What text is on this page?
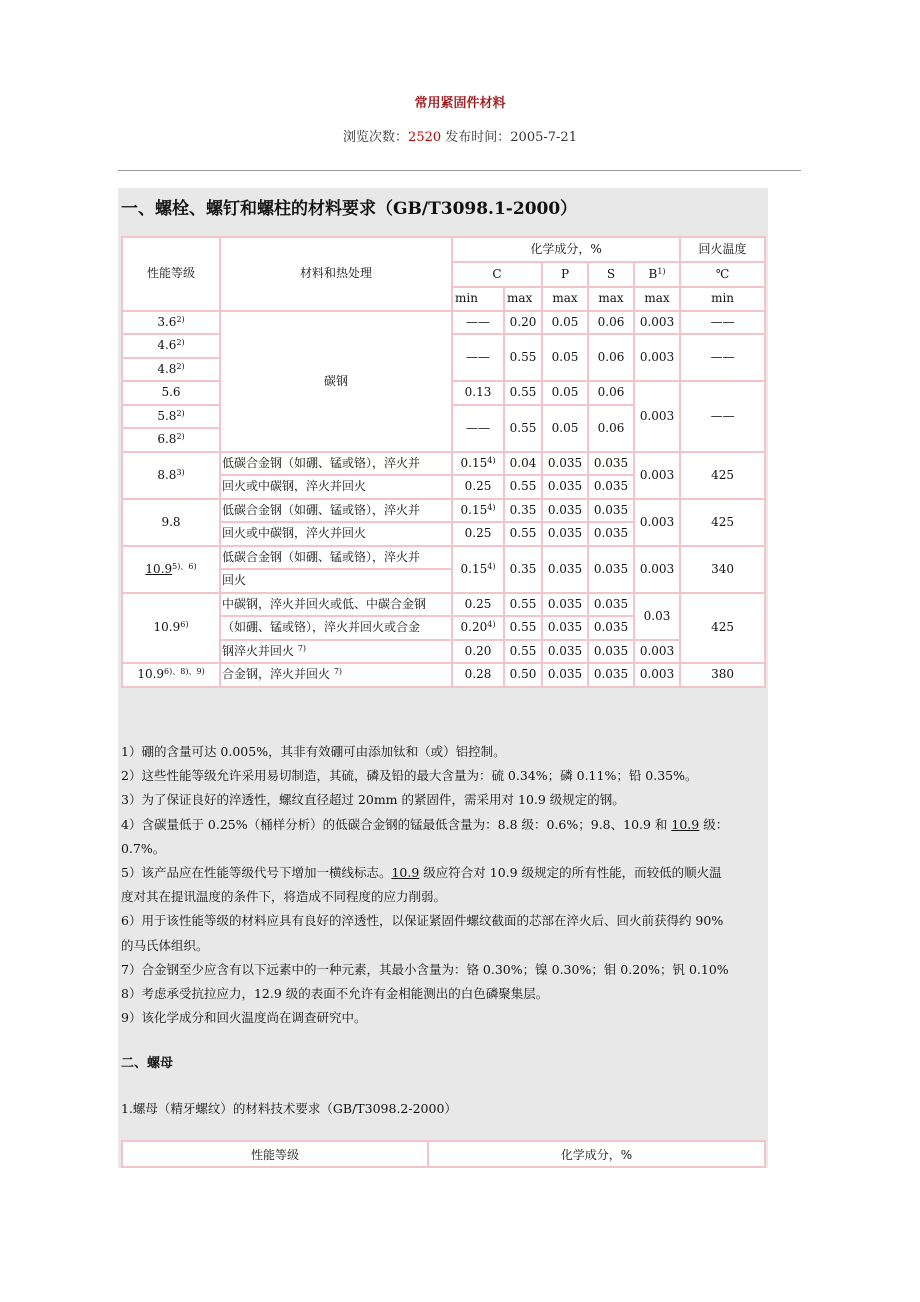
常用紧固件材料
浏览次数：2520 发布时间：2005-7-21
一、螺栓、螺钉和螺柱的材料要求（GB/T3098.1-2000）
性能等级	材料和热处理	化学成分，%					回火温度
		C		P	S	$B^{1)}$	℃
		min	max	max	max	max	min
3.6$^{2)}$	碳钢	——	0.20	0.05	0.06	0.003	——
4.6$^{2)}$		——	0.55	0.05	0.06	0.003	——
4.8$^{2)}$
5.6		0.13	0.55	0.05	0.06	0.003	——
5.8$^{2)}$		——	0.55	0.05	0.06		
6.8$^{2)}$
8.8$^{3)}$	低碳合金钢（如硼、锰或铬），淬火并	0.15$^{4)}$	0.04	0.035	0.035	0.003	425
	回火或中碳钢，淬火并回火	0.25	0.55	0.035	0.035		
9.8	低碳合金钢（如硼、锰或铬），淬火并	0.15$^{4)}$	0.35	0.035	0.035	0.003	425
	回火或中碳钢，淬火并回火	0.25	0.55	0.035	0.035		
$10.9^{5)、6)}$	低碳合金钢（如硼、锰或铬），淬火并	0.15$^{4)}$	0.35	0.035	0.035	0.003	340
	回火						
10.9$^{6)}$	中碳钢，淬火并回火或低、中碳合金钢	0.25	0.55	0.035	0.035	0.03	425
	（如硼、锰或铬），淬火并回火或合金	0.20$^{4)}$	0.55	0.035	0.035		
	钢淬火并回火 $^{7)}$	0.20	0.55	0.035	0.035	0.003	
$10.9^{6)、8)、9)}$	合金钢，淬火并回火 $^{7)}$	0.28	0.50	0.035	0.035	0.003	380

1）硼的含量可达 0.005%，其非有效硼可由添加钛和（或）铝控制。

2）这些性能等级允许采用易切制造，其硫，磷及铅的最大含量为：硫 0.34%；磷 0.11%；铅 0.35%。

3）为了保证良好的淬透性，螺纹直径超过 20mm 的紧固件，需采用对 10.9 级规定的钢。

4）含碳量低于 0.25%（桶样分析）的低碳合金钢的锰最低含量为：8.8 级：0.6%；9.8、10.9 和 10.9 级：

0.7%。

5）该产品应在性能等级代号下增加一横线标志。10.9 级应符合对 10.9 级规定的所有性能，而较低的顺火温

度对其在提讯温度的条件下，将造成不同程度的应力削弱。

6）用于该性能等级的材料应具有良好的淬透性，以保证紧固件螺纹截面的芯部在淬火后、回火前获得约 90%

的马氏体组织。

7）合金钢至少应含有以下远素中的一种元素，其最小含量为：铬 0.30%；镍 0.30%；钼 0.20%；钒 0.10%

8）考虑承受抗拉应力，12.9 级的表面不允许有金相能测出的白色磷聚集层。

9）该化学成分和回火温度尚在调查研究中。

二、螺母
1.螺母（精牙螺纹）的材料技术要求（GB/T3098.2-2000）
性能等级	化学成分，%
